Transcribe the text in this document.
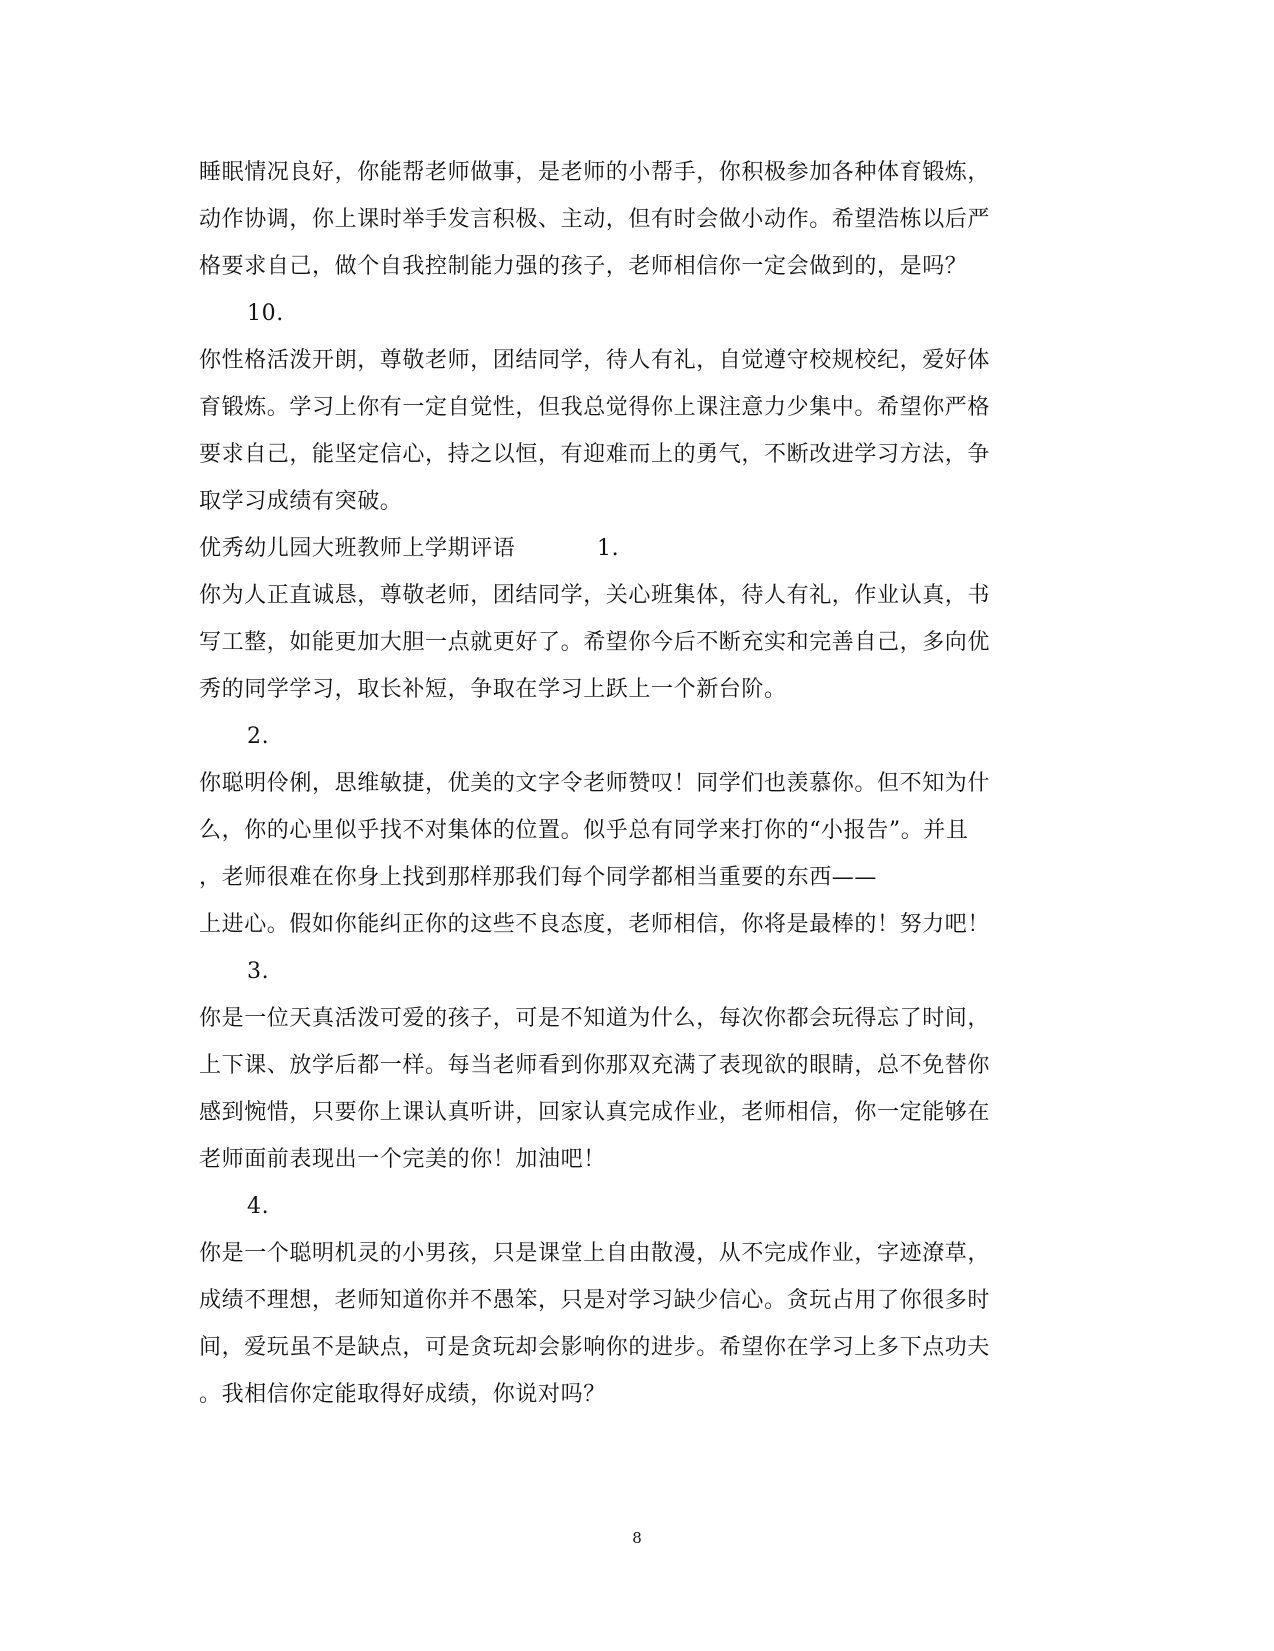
睡眠情况良好，你能帮老师做事，是老师的小帮手，你积极参加各种体育锻炼，
动作协调，你上课时举手发言积极、主动，但有时会做小动作。希望浩栋以后严
格要求自己，做个自我控制能力强的孩子，老师相信你一定会做到的，是吗？
10.
你性格活泼开朗，尊敬老师，团结同学，待人有礼，自觉遵守校规校纪，爱好体
育锻炼。学习上你有一定自觉性，但我总觉得你上课注意力少集中。希望你严格
要求自己，能坚定信心，持之以恒，有迎难而上的勇气，不断改进学习方法，争
取学习成绩有突破。
优秀幼儿园大班教师上学期评语	1.
你为人正直诚恳，尊敬老师，团结同学，关心班集体，待人有礼，作业认真，书
写工整，如能更加大胆一点就更好了。希望你今后不断充实和完善自己，多向优
秀的同学学习，取长补短，争取在学习上跃上一个新台阶。
2.
你聪明伶俐，思维敏捷，优美的文字令老师赞叹！同学们也羡慕你。但不知为什
么，你的心里似乎找不对集体的位置。似乎总有同学来打你的“小报告”。并且
，老师很难在你身上找到那样那我们每个同学都相当重要的东西——
上进心。假如你能纠正你的这些不良态度，老师相信，你将是最棒的！努力吧！
3.
你是一位天真活泼可爱的孩子，可是不知道为什么，每次你都会玩得忘了时间，
上下课、放学后都一样。每当老师看到你那双充满了表现欲的眼睛，总不免替你
感到惋惜，只要你上课认真听讲，回家认真完成作业，老师相信，你一定能够在
老师面前表现出一个完美的你！加油吧！
4.
你是一个聪明机灵的小男孩，只是课堂上自由散漫，从不完成作业，字迹潦草，
成绩不理想，老师知道你并不愚笨，只是对学习缺少信心。贪玩占用了你很多时
间，爱玩虽不是缺点，可是贪玩却会影响你的进步。希望你在学习上多下点功夫
。我相信你定能取得好成绩，你说对吗？
8
